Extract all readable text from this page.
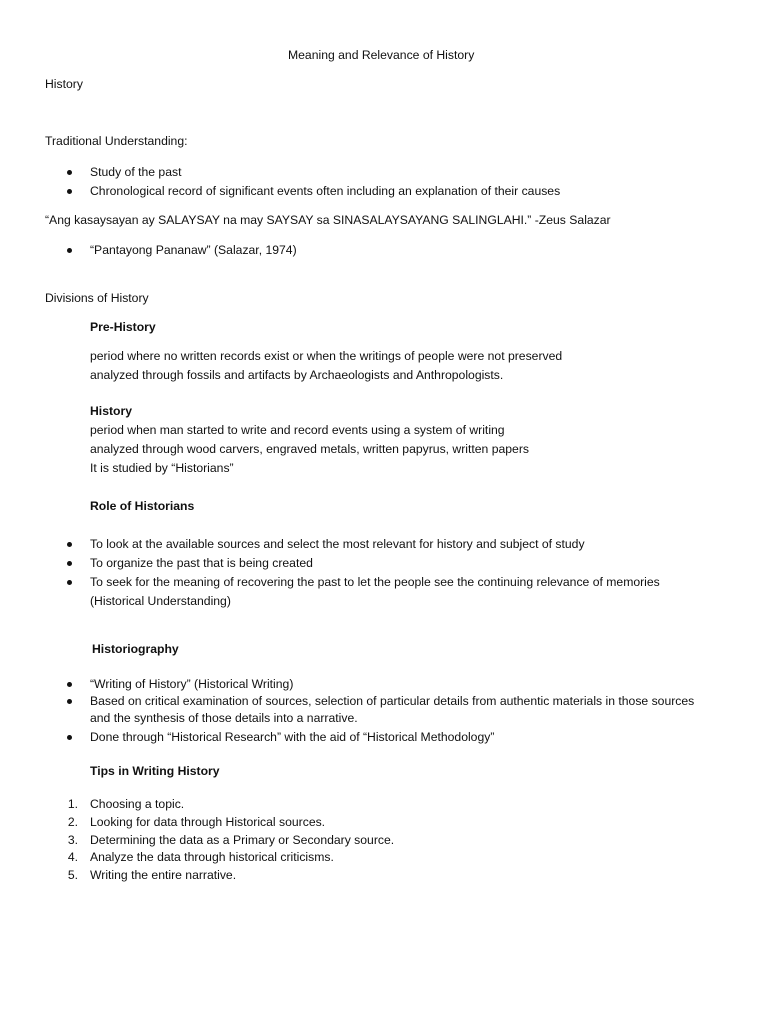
Meaning and Relevance of History
History
Traditional Understanding:
Study of the past
Chronological record of significant events often including an explanation of their causes
“Ang kasaysayan ay SALAYSAY na may SAYSAY sa SINASALAYSAYANG SALINGLAHI.” -Zeus Salazar
“Pantayong Pananaw” (Salazar, 1974)
Divisions of History
Pre-History
period where no written records exist or when the writings of people were not preserved
analyzed through fossils and artifacts by Archaeologists and Anthropologists.
History
period when man started to write and record events using a system of writing
analyzed through wood carvers, engraved metals, written papyrus, written papers
It is studied by “Historians”
Role of Historians
To look at the available sources and select the most relevant for history and subject of study
To organize the past that is being created
To seek for the meaning of recovering the past to let the people see the continuing relevance of memories
(Historical Understanding)
Historiography
“Writing of History” (Historical Writing)
Based on critical examination of sources, selection of particular details from authentic materials in those sources
and the synthesis of those details into a narrative.
Done through “Historical Research” with the aid of “Historical Methodology”
Tips in Writing History
1. Choosing a topic.
2. Looking for data through Historical sources.
3. Determining the data as a Primary or Secondary source.
4. Analyze the data through historical criticisms.
5. Writing the entire narrative.
